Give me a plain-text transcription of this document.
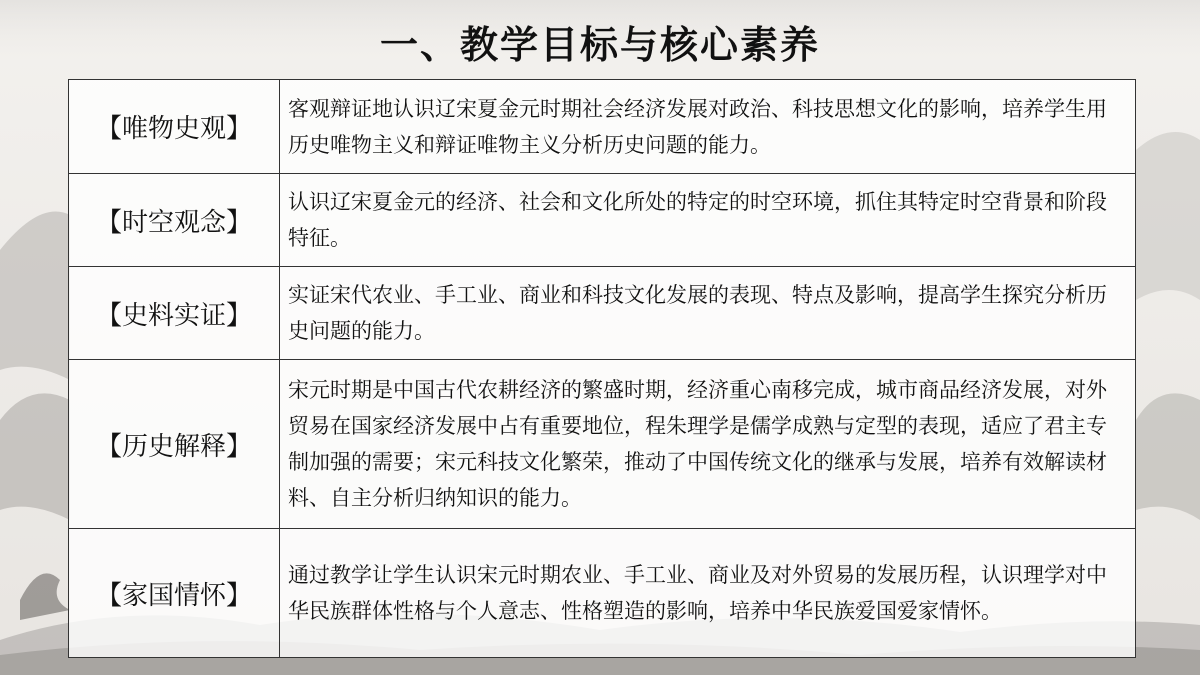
一、教学目标与核心素养
【唯物史观】	客观辩证地认识辽宋夏金元时期社会经济发展对政治、科技思想文化的影响，培养学生用历史唯物主义和辩证唯物主义分析历史问题的能力。
【时空观念】	认识辽宋夏金元的经济、社会和文化所处的特定的时空环境，抓住其特定时空背景和阶段特征。
【史料实证】	实证宋代农业、手工业、商业和科技文化发展的表现、特点及影响，提高学生探究分析历史问题的能力。
【历史解释】	宋元时期是中国古代农耕经济的繁盛时期，经济重心南移完成，城市商品经济发展，对外贸易在国家经济发展中占有重要地位，程朱理学是儒学成熟与定型的表现，适应了君主专制加强的需要；宋元科技文化繁荣，推动了中国传统文化的继承与发展，培养有效解读材料、自主分析归纳知识的能力。
【家国情怀】	通过教学让学生认识宋元时期农业、手工业、商业及对外贸易的发展历程，认识理学对中华民族群体性格与个人意志、性格塑造的影响，培养中华民族爱国爱家情怀。
